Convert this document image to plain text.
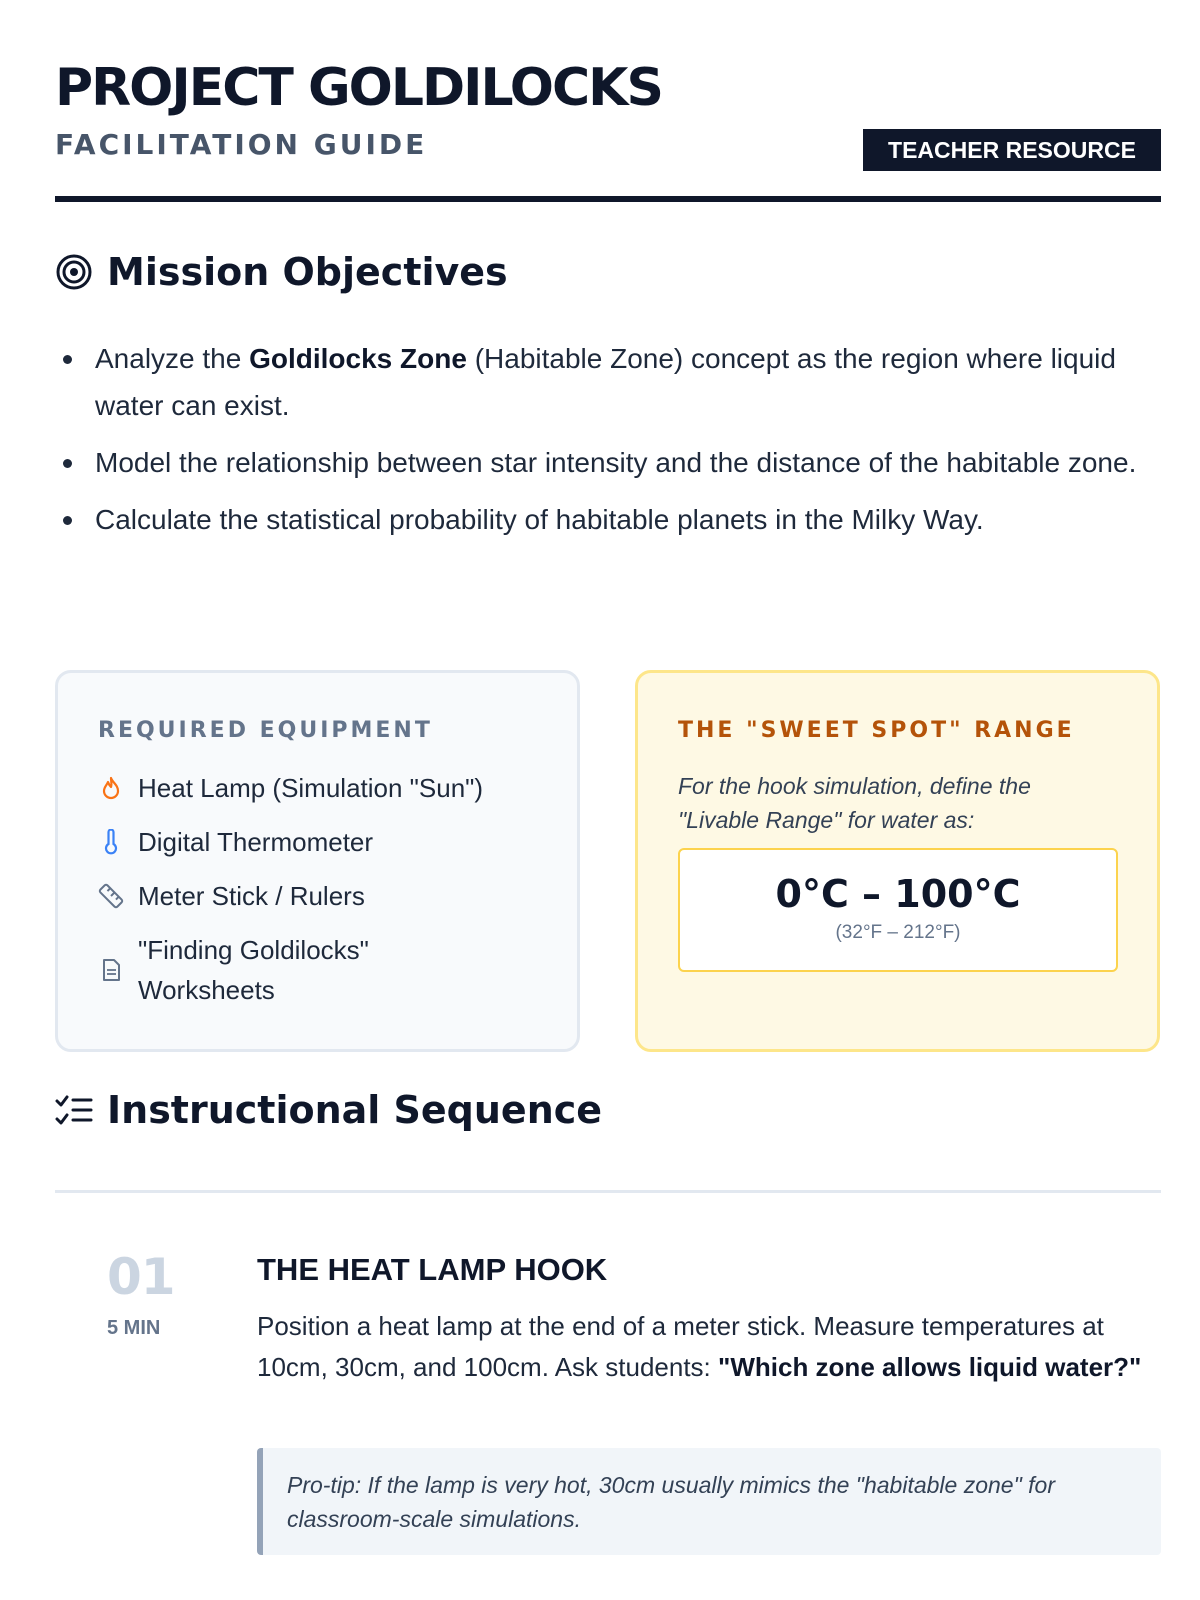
PROJECT GOLDILOCKS
FACILITATION GUIDE	TEACHER RESOURCE
Mission Objectives
Analyze the Goldilocks Zone (Habitable Zone) concept as the region where liquid water can exist.
Model the relationship between star intensity and the distance of the habitable zone.
Calculate the statistical probability of habitable planets in the Milky Way.
REQUIRED EQUIPMENT
Heat Lamp (Simulation "Sun")
Digital Thermometer
Meter Stick / Rulers
"Finding Goldilocks" Worksheets
THE "SWEET SPOT" RANGE
For the hook simulation, define the "Livable Range" for water as:
0°C – 100°C
(32°F – 212°F)
Instructional Sequence
01
5 MIN
THE HEAT LAMP HOOK
Position a heat lamp at the end of a meter stick. Measure temperatures at 10cm, 30cm, and 100cm. Ask students: "Which zone allows liquid water?"
Pro-tip: If the lamp is very hot, 30cm usually mimics the "habitable zone" for classroom-scale simulations.
